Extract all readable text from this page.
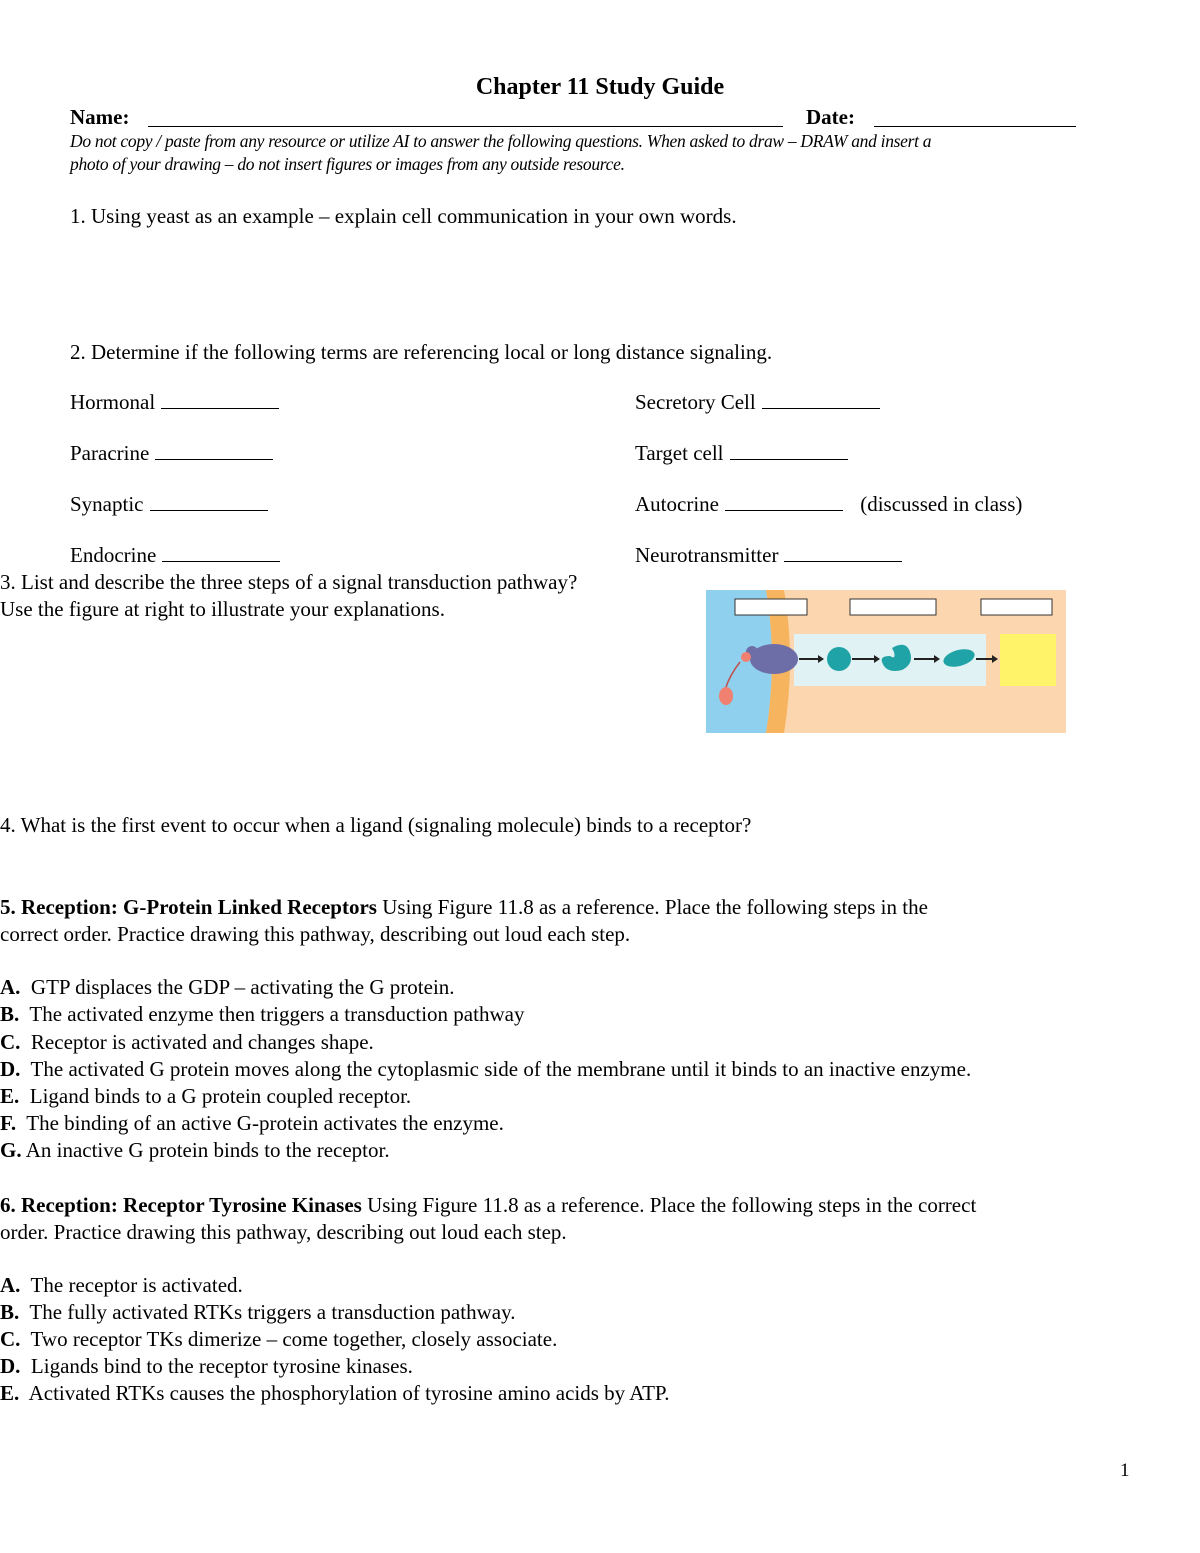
Chapter 11 Study Guide
Name:	Date:
Do not copy / paste from any resource or utilize AI to answer the following questions. When asked to draw – DRAW and insert a
photo of your drawing – do not insert figures or images from any outside resource.
1. Using yeast as an example – explain cell communication in your own words.
2. Determine if the following terms are referencing local or long distance signaling.
Hormonal	Secretory Cell
Paracrine	Target cell
Synaptic	Autocrine	(discussed in class)
Endocrine	Neurotransmitter
3. List and describe the three steps of a signal transduction pathway?
Use the figure at right to illustrate your explanations.
4. What is the first event to occur when a ligand (signaling molecule) binds to a receptor?
5. Reception: G-Protein Linked Receptors Using Figure 11.8 as a reference. Place the following steps in the
correct order. Practice drawing this pathway, describing out loud each step.
A. GTP displaces the GDP – activating the G protein.
B. The activated enzyme then triggers a transduction pathway
C. Receptor is activated and changes shape.
D. The activated G protein moves along the cytoplasmic side of the membrane until it binds to an inactive enzyme.
E. Ligand binds to a G protein coupled receptor.
F. The binding of an active G-protein activates the enzyme.
G. An inactive G protein binds to the receptor.
6. Reception: Receptor Tyrosine Kinases Using Figure 11.8 as a reference. Place the following steps in the correct
order. Practice drawing this pathway, describing out loud each step.
A. The receptor is activated.
B. The fully activated RTKs triggers a transduction pathway.
C. Two receptor TKs dimerize – come together, closely associate.
D. Ligands bind to the receptor tyrosine kinases.
E. Activated RTKs causes the phosphorylation of tyrosine amino acids by ATP.
1
